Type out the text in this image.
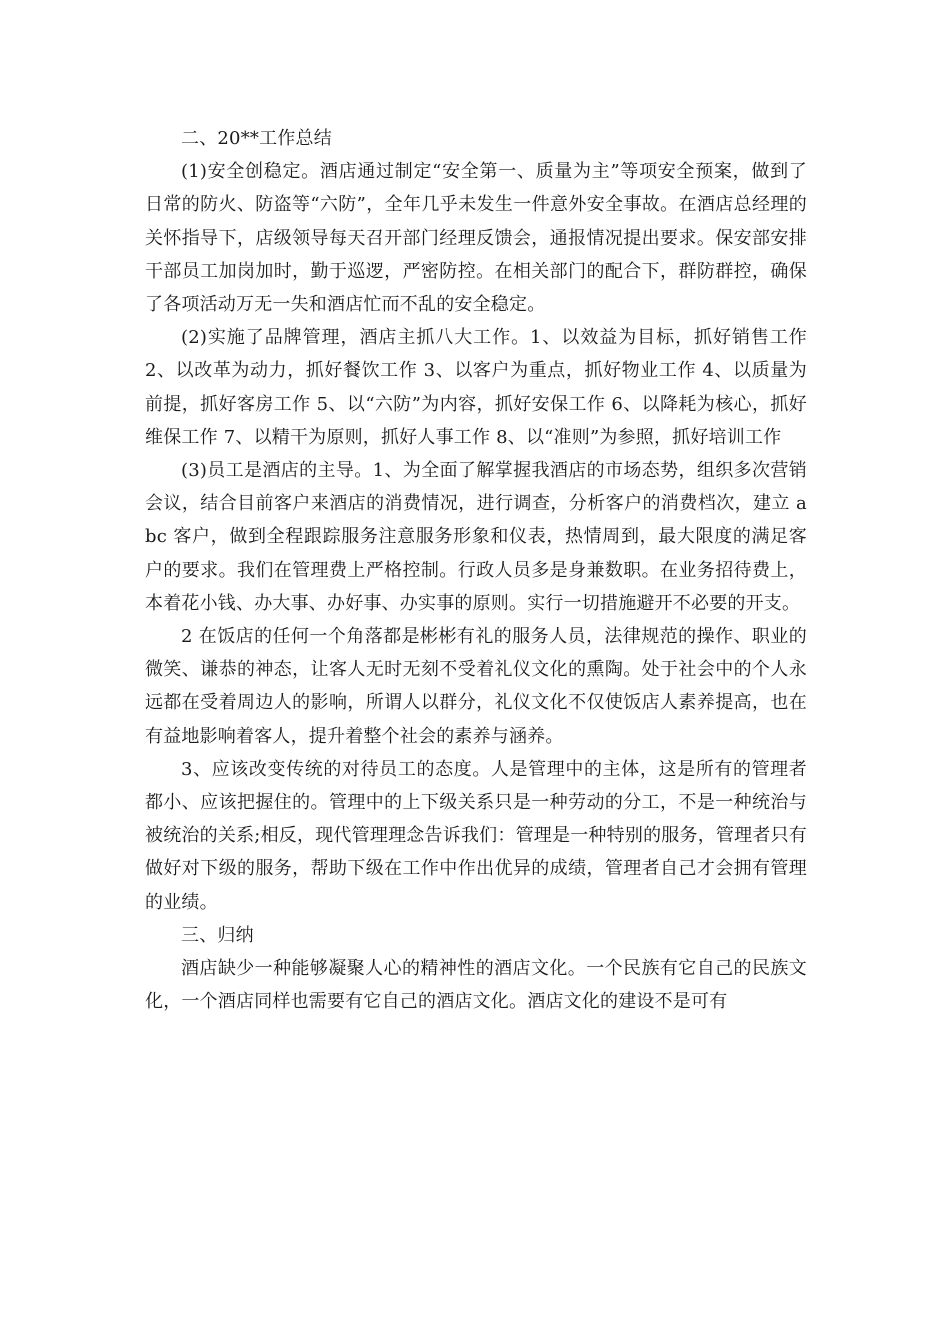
二、20**工作总结

(1)安全创稳定。酒店通过制定“安全第一、质量为主”等项安全预案，做到了日常的防火、防盗等“六防”，全年几乎未发生一件意外安全事故。在酒店总经理的关怀指导下，店级领导每天召开部门经理反馈会，通报情况提出要求。保安部安排干部员工加岗加时，勤于巡逻，严密防控。在相关部门的配合下，群防群控，确保了各项活动万无一失和酒店忙而不乱的安全稳定。

(2)实施了品牌管理，酒店主抓八大工作。1、以效益为目标，抓好销售工作 2、以改革为动力，抓好餐饮工作 3、以客户为重点，抓好物业工作 4、以质量为前提，抓好客房工作 5、以“六防”为内容，抓好安保工作 6、以降耗为核心，抓好维保工作 7、以精干为原则，抓好人事工作 8、以“准则”为参照，抓好培训工作

(3)员工是酒店的主导。1、为全面了解掌握我酒店的市场态势，组织多次营销会议，结合目前客户来酒店的消费情况，进行调查，分析客户的消费档次，建立 abc 客户，做到全程跟踪服务注意服务形象和仪表，热情周到，最大限度的满足客户的要求。我们在管理费上严格控制。行政人员多是身兼数职。在业务招待费上，本着花小钱、办大事、办好事、办实事的原则。实行一切措施避开不必要的开支。

2 在饭店的任何一个角落都是彬彬有礼的服务人员，法律规范的操作、职业的微笑、谦恭的神态，让客人无时无刻不受着礼仪文化的熏陶。处于社会中的个人永远都在受着周边人的影响，所谓人以群分，礼仪文化不仅使饭店人素养提高，也在有益地影响着客人，提升着整个社会的素养与涵养。

3、应该改变传统的对待员工的态度。人是管理中的主体，这是所有的管理者都小、应该把握住的。管理中的上下级关系只是一种劳动的分工，不是一种统治与被统治的关系;相反，现代管理理念告诉我们：管理是一种特别的服务，管理者只有做好对下级的服务，帮助下级在工作中作出优异的成绩，管理者自己才会拥有管理的业绩。

三、归纳

酒店缺少一种能够凝聚人心的精神性的酒店文化。一个民族有它自己的民族文化，一个酒店同样也需要有它自己的酒店文化。酒店文化的建设不是可有
